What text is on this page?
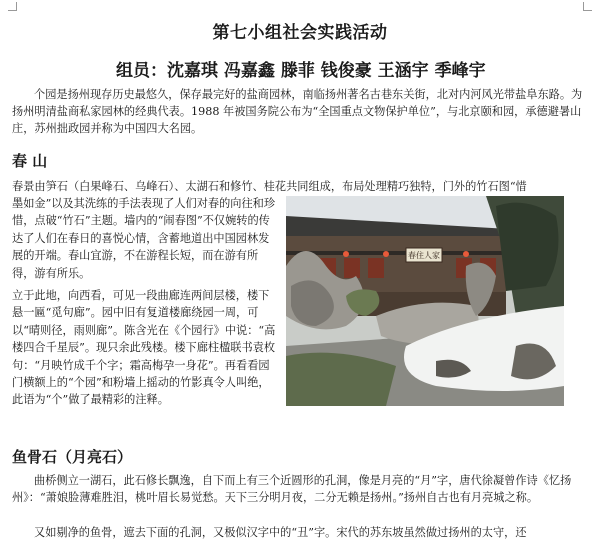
第七小组社会实践活动
组员：沈嘉琪 冯嘉鑫 滕菲 钱俊豪 王涵宇 季峰宇

个园是扬州现存历史最悠久，保存最完好的盐商园林，南临扬州著名古巷东关街，北对内河风光带盐阜东路。为扬州明清盐商私家园林的经典代表。1988 年被国务院公布为“全国重点文物保护单位”，与北京颐和园，承德避暑山庄，苏州拙政园并称为中国四大名园。

春 山

春景由笋石（白果峰石、乌峰石）、太湖石和修竹、桂花共同组成，布局处理精巧独特，门外的竹石图“惜

墨如金”以及其洗练的手法表现了人们对春的向往和珍惜，点破“竹石”主题。墙内的“闹春图”不仅婉转的传达了人们在春日的喜悦心情，含蓄地道出中国园林发展的开端。春山宜游，不在游程长短，而在游有所得，游有所乐。

立于此地，向西看，可见一段曲廊连两间层楼，楼下悬一匾“觅句廊”。园中旧有复道楼廊绕园一周，可以“晴则径，雨则廊”。陈含光在《个园行》中说：“高楼四合千星辰”。现只余此残楼。楼下廊柱楹联书袁枚句：“月映竹成千个字；霜高梅孕一身花”。再看看园门横额上的“个园”和粉墙上摇动的竹影真令人叫绝，此语为“个”做了最精彩的注释。

春住人家
鱼骨石（月亮石）

曲桥侧立一湖石，此石修长飘逸，自下而上有三个近圆形的孔洞，像是月亮的“月”字，唐代徐凝曾作诗《忆扬州》：“萧娘脸薄难胜泪，桃叶眉长易觉愁。天下三分明月夜，二分无赖是扬州。”扬州自古也有月亮城之称。

又如剔净的鱼骨，遮去下面的孔洞，又极似汉字中的“丑”字。宋代的苏东坡虽然做过扬州的太守，还
